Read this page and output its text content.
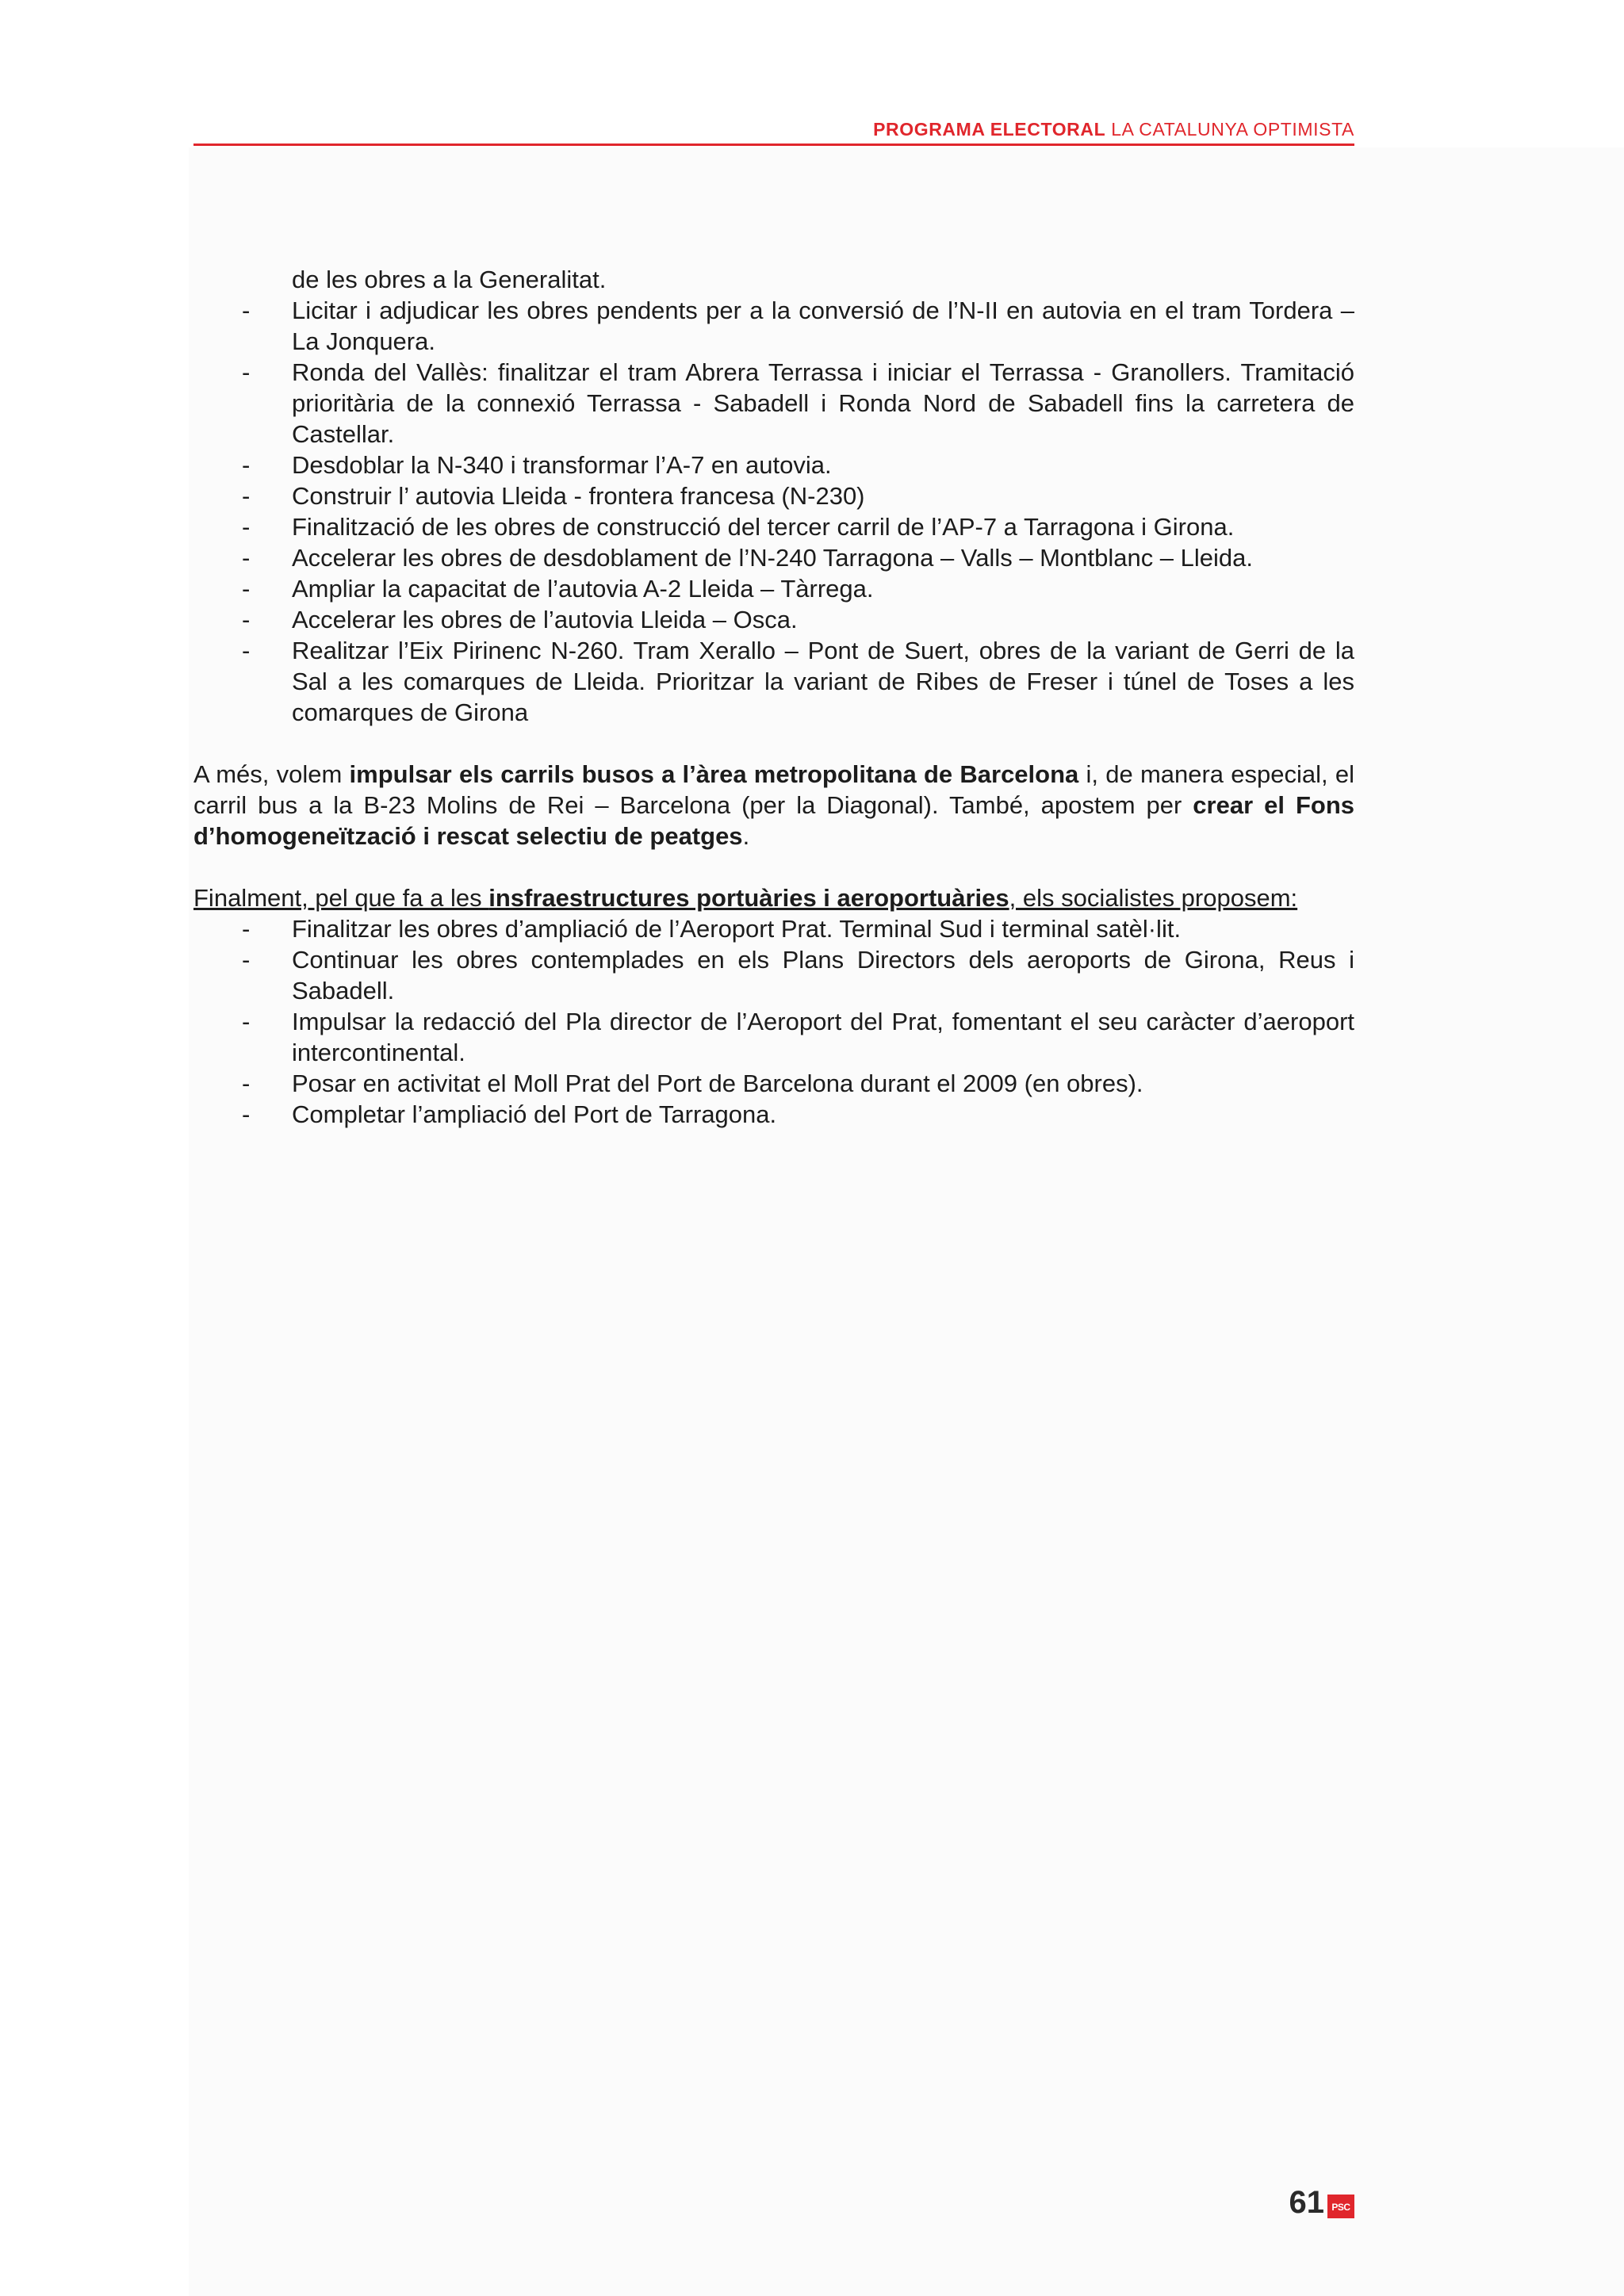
PROGRAMA ELECTORAL LA CATALUNYA OPTIMISTA

de les obres a la Generalitat.

- Licitar i adjudicar les obres pendents per a la conversió de l’N-II en autovia en el tram Tordera – La Jonquera.
- Ronda del Vallès: finalitzar el tram Abrera Terrassa i iniciar el Terrassa - Granollers. Tramitació prioritària de la connexió Terrassa - Sabadell i Ronda Nord de Sabadell fins la carretera de Castellar.
- Desdoblar la N-340 i transformar l’A-7 en autovia.
- Construir l’ autovia Lleida - frontera francesa (N-230)
- Finalització de les obres de construcció del tercer carril de l’AP-7 a Tarragona i Girona.
- Accelerar les obres de desdoblament de l’N-240 Tarragona – Valls – Montblanc – Lleida.
- Ampliar la capacitat de l’autovia A-2 Lleida – Tàrrega.
- Accelerar les obres de l’autovia Lleida – Osca.
- Realitzar l’Eix Pirinenc N-260. Tram Xerallo – Pont de Suert, obres de la variant de Gerri de la Sal a les comarques de Lleida. Prioritzar la variant de Ribes de Freser i túnel de Toses a les comarques de Girona

A més, volem impulsar els carrils busos a l’àrea metropolitana de Barcelona i, de manera especial, el carril bus a la B-23 Molins de Rei – Barcelona (per la Diagonal). També, apostem per crear el Fons d’homogeneïtzació i rescat selectiu de peatges.

Finalment, pel que fa a les insfraestructures portuàries i aeroportuàries, els socialistes proposem:

- Finalitzar les obres d’ampliació de l’Aeroport Prat. Terminal Sud i terminal satèl·lit.
- Continuar les obres contemplades en els Plans Directors dels aeroports de Girona, Reus i Sabadell.
- Impulsar la redacció del Pla director de l’Aeroport del Prat, fomentant el seu caràcter d’aeroport intercontinental.
- Posar en activitat el Moll Prat del Port de Barcelona durant el 2009 (en obres).
- Completar l’ampliació del Port de Tarragona.
61 PSC
